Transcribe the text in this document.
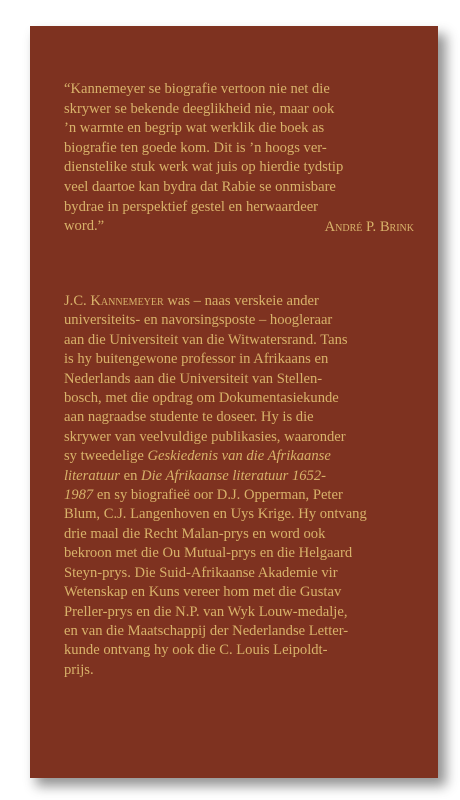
“Kannemeyer se biografie vertoon nie net die
skrywer se bekende deeglikheid nie, maar ook
’n warmte en begrip wat werklik die boek as
biografie ten goede kom. Dit is ’n hoogs ver-
dienstelike stuk werk wat juis op hierdie tydstip
veel daartoe kan bydra dat Rabie se onmisbare
bydrae in perspektief gestel en herwaardeer
word.”	André P. Brink
J.C. Kannemeyer was – naas verskeie ander
universiteits- en navorsingsposte – hoogleraar
aan die Universiteit van die Witwatersrand. Tans
is hy buitengewone professor in Afrikaans en
Nederlands aan die Universiteit van Stellen-
bosch, met die opdrag om Dokumentasiekunde
aan nagraadse studente te doseer. Hy is die
skrywer van veelvuldige publikasies, waaronder
sy tweedelige Geskiedenis van die Afrikaanse
literatuur en Die Afrikaanse literatuur 1652-
1987 en sy biografieë oor D.J. Opperman, Peter
Blum, C.J. Langenhoven en Uys Krige. Hy ontvang
drie maal die Recht Malan-prys en word ook
bekroon met die Ou Mutual-prys en die Helgaard
Steyn-prys. Die Suid-Afrikaanse Akademie vir
Wetenskap en Kuns vereer hom met die Gustav
Preller-prys en die N.P. van Wyk Louw-medalje,
en van die Maatschappij der Nederlandse Letter-
kunde ontvang hy ook die C. Louis Leipoldt-
prijs.
